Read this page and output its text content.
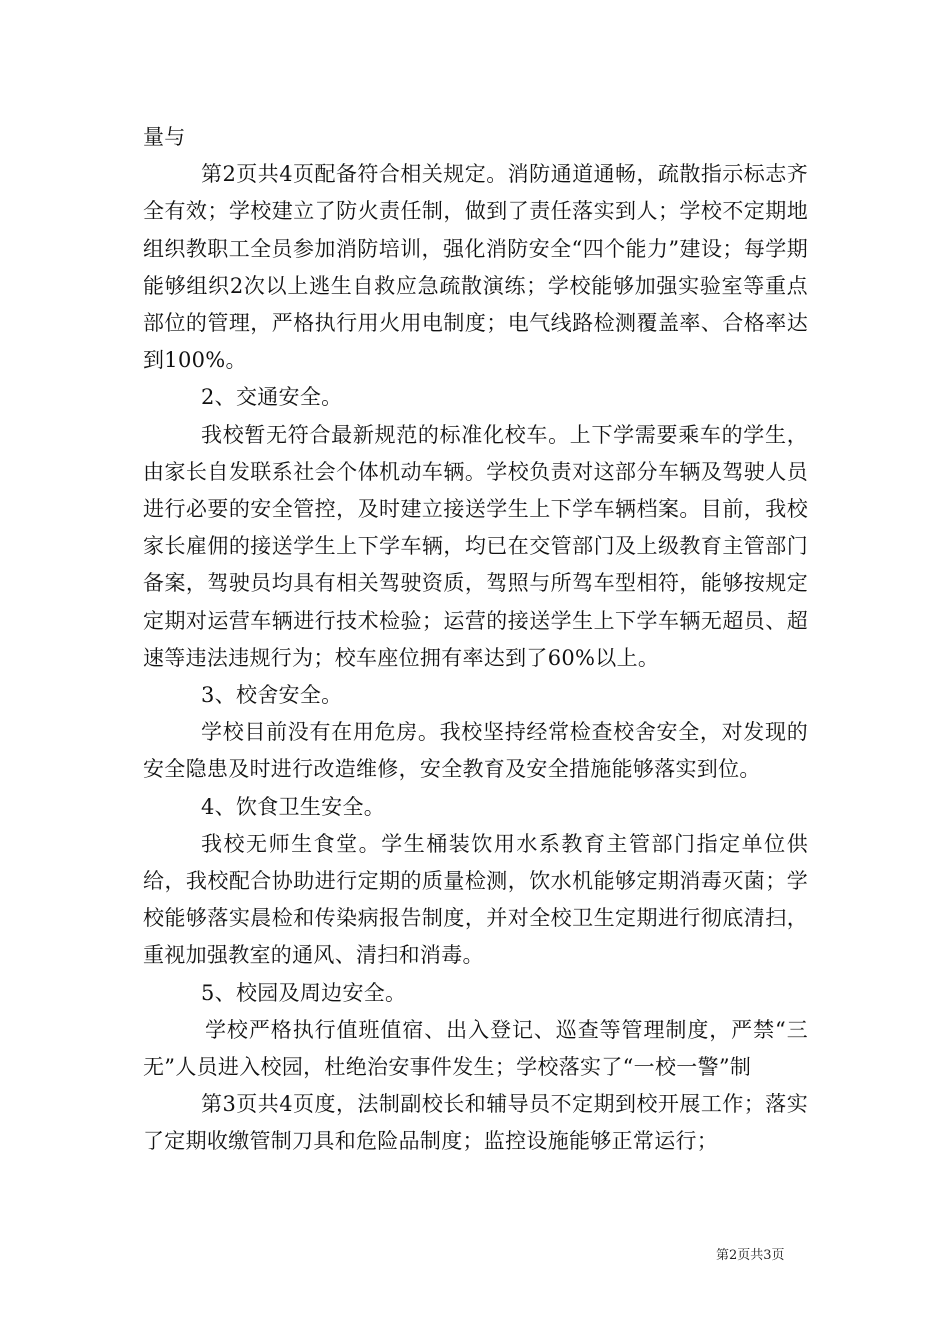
量与

第2页共4页配备符合相关规定。消防通道通畅，疏散指示标志齐全有效；学校建立了防火责任制，做到了责任落实到人；学校不定期地组织教职工全员参加消防培训，强化消防安全“四个能力”建设；每学期能够组织2次以上逃生自救应急疏散演练；学校能够加强实验室等重点部位的管理，严格执行用火用电制度；电气线路检测覆盖率、合格率达到100%。

2、交通安全。

我校暂无符合最新规范的标准化校车。上下学需要乘车的学生，由家长自发联系社会个体机动车辆。学校负责对这部分车辆及驾驶人员进行必要的安全管控，及时建立接送学生上下学车辆档案。目前，我校家长雇佣的接送学生上下学车辆，均已在交管部门及上级教育主管部门备案，驾驶员均具有相关驾驶资质，驾照与所驾车型相符，能够按规定定期对运营车辆进行技术检验；运营的接送学生上下学车辆无超员、超速等违法违规行为；校车座位拥有率达到了60%以上。

3、校舍安全。

学校目前没有在用危房。我校坚持经常检查校舍安全，对发现的安全隐患及时进行改造维修，安全教育及安全措施能够落实到位。

4、饮食卫生安全。

我校无师生食堂。学生桶装饮用水系教育主管部门指定单位供给，我校配合协助进行定期的质量检测，饮水机能够定期消毒灭菌；学校能够落实晨检和传染病报告制度，并对全校卫生定期进行彻底清扫，重视加强教室的通风、清扫和消毒。

5、校园及周边安全。

学校严格执行值班值宿、出入登记、巡查等管理制度，严禁“三无”人员进入校园，杜绝治安事件发生；学校落实了“一校一警”制

第3页共4页度，法制副校长和辅导员不定期到校开展工作；落实了定期收缴管制刀具和危险品制度；监控设施能够正常运行；

第2页共3页
